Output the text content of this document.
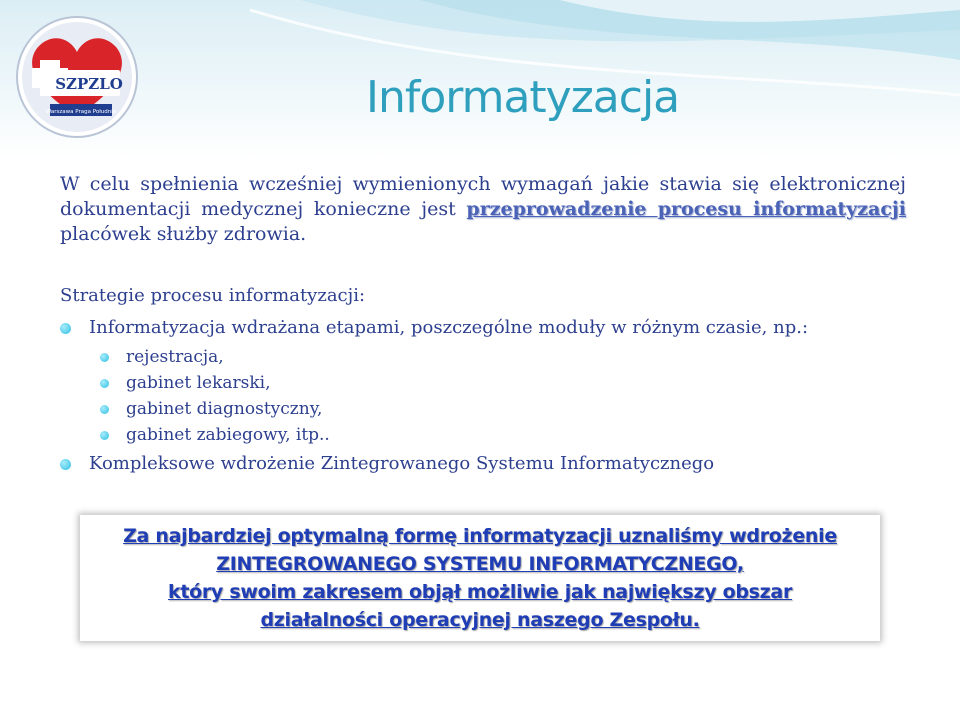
SZPZLO
Warszawa Praga Południe	Informatyzacja

W celu spełnienia wcześniej wymienionych wymagań jakie stawia się elektronicznej dokumentacji medycznej konieczne jest przeprowadzenie procesu informatyzacji placówek służby zdrowia.

Strategie procesu informatyzacji:

Informatyzacja wdrażana etapami, poszczególne moduły w różnym czasie, np.:
rejestracja,
gabinet lekarski,
gabinet diagnostyczny,
gabinet zabiegowy, itp..
Kompleksowe wdrożenie Zintegrowanego Systemu Informatycznego
Za najbardziej optymalną formę informatyzacji uznaliśmy wdrożenie
ZINTEGROWANEGO SYSTEMU INFORMATYCZNEGO,
który swoim zakresem objął możliwie jak największy obszar
działalności operacyjnej naszego Zespołu.
